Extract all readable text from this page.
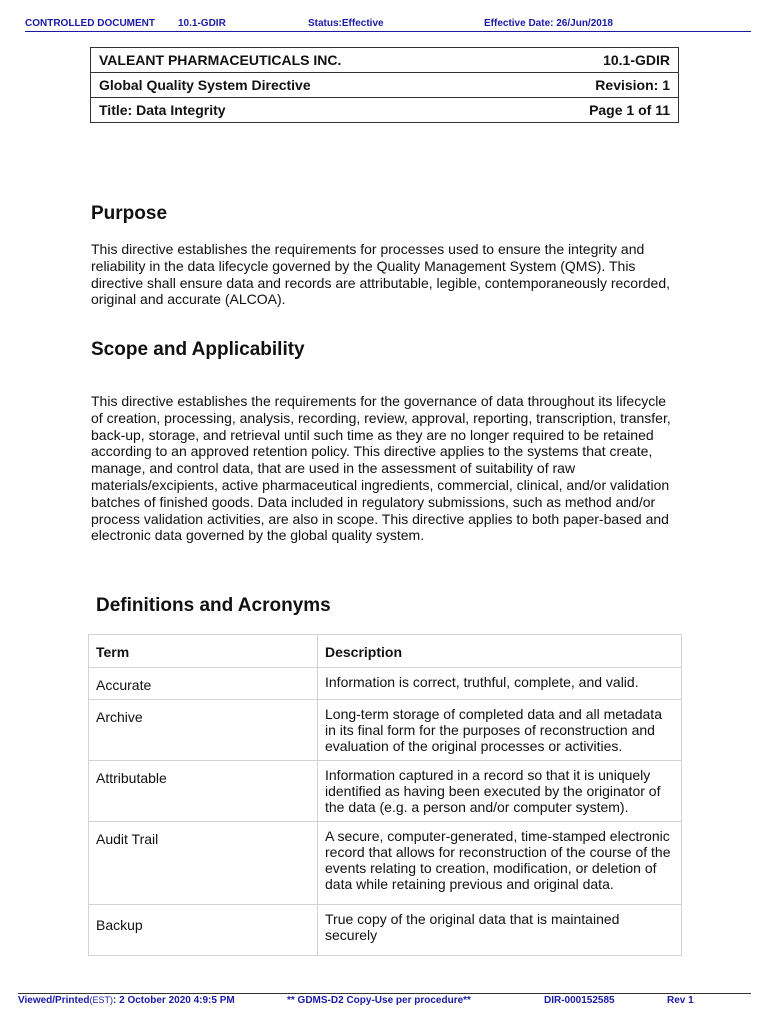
CONTROLLED DOCUMENT 10.1-GDIR	Status:Effective	Effective Date: 26/Jun/2018
VALEANT PHARMACEUTICALS INC.	10.1-GDIR
Global Quality System Directive	Revision: 1
Title: Data Integrity	Page 1 of 11
Purpose

This directive establishes the requirements for processes used to ensure the integrity and reliability in the data lifecycle governed by the Quality Management System (QMS). This directive shall ensure data and records are attributable, legible, contemporaneously recorded, original and accurate (ALCOA).

Scope and Applicability

This directive establishes the requirements for the governance of data throughout its lifecycle of creation, processing, analysis, recording, review, approval, reporting, transcription, transfer, back-up, storage, and retrieval until such time as they are no longer required to be retained according to an approved retention policy. This directive applies to the systems that create, manage, and control data, that are used in the assessment of suitability of raw materials/excipients, active pharmaceutical ingredients, commercial, clinical, and/or validation batches of finished goods. Data included in regulatory submissions, such as method and/or process validation activities, are also in scope. This directive applies to both paper-based and electronic data governed by the global quality system.

Definitions and Acronyms
Term	Description
Accurate	Information is correct, truthful, complete, and valid.
Archive	Long-term storage of completed data and all metadata in its final form for the purposes of reconstruction and evaluation of the original processes or activities.
Attributable	Information captured in a record so that it is uniquely identified as having been executed by the originator of the data (e.g. a person and/or computer system).
Audit Trail	A secure, computer-generated, time-stamped electronic record that allows for reconstruction of the course of the events relating to creation, modification, or deletion of data while retaining previous and original data.
Backup	True copy of the original data that is maintained securely
Viewed/Printed(EST): 2 October 2020 4:9:5 PM	** GDMS-D2 Copy-Use per procedure**	DIR-000152585	Rev 1
